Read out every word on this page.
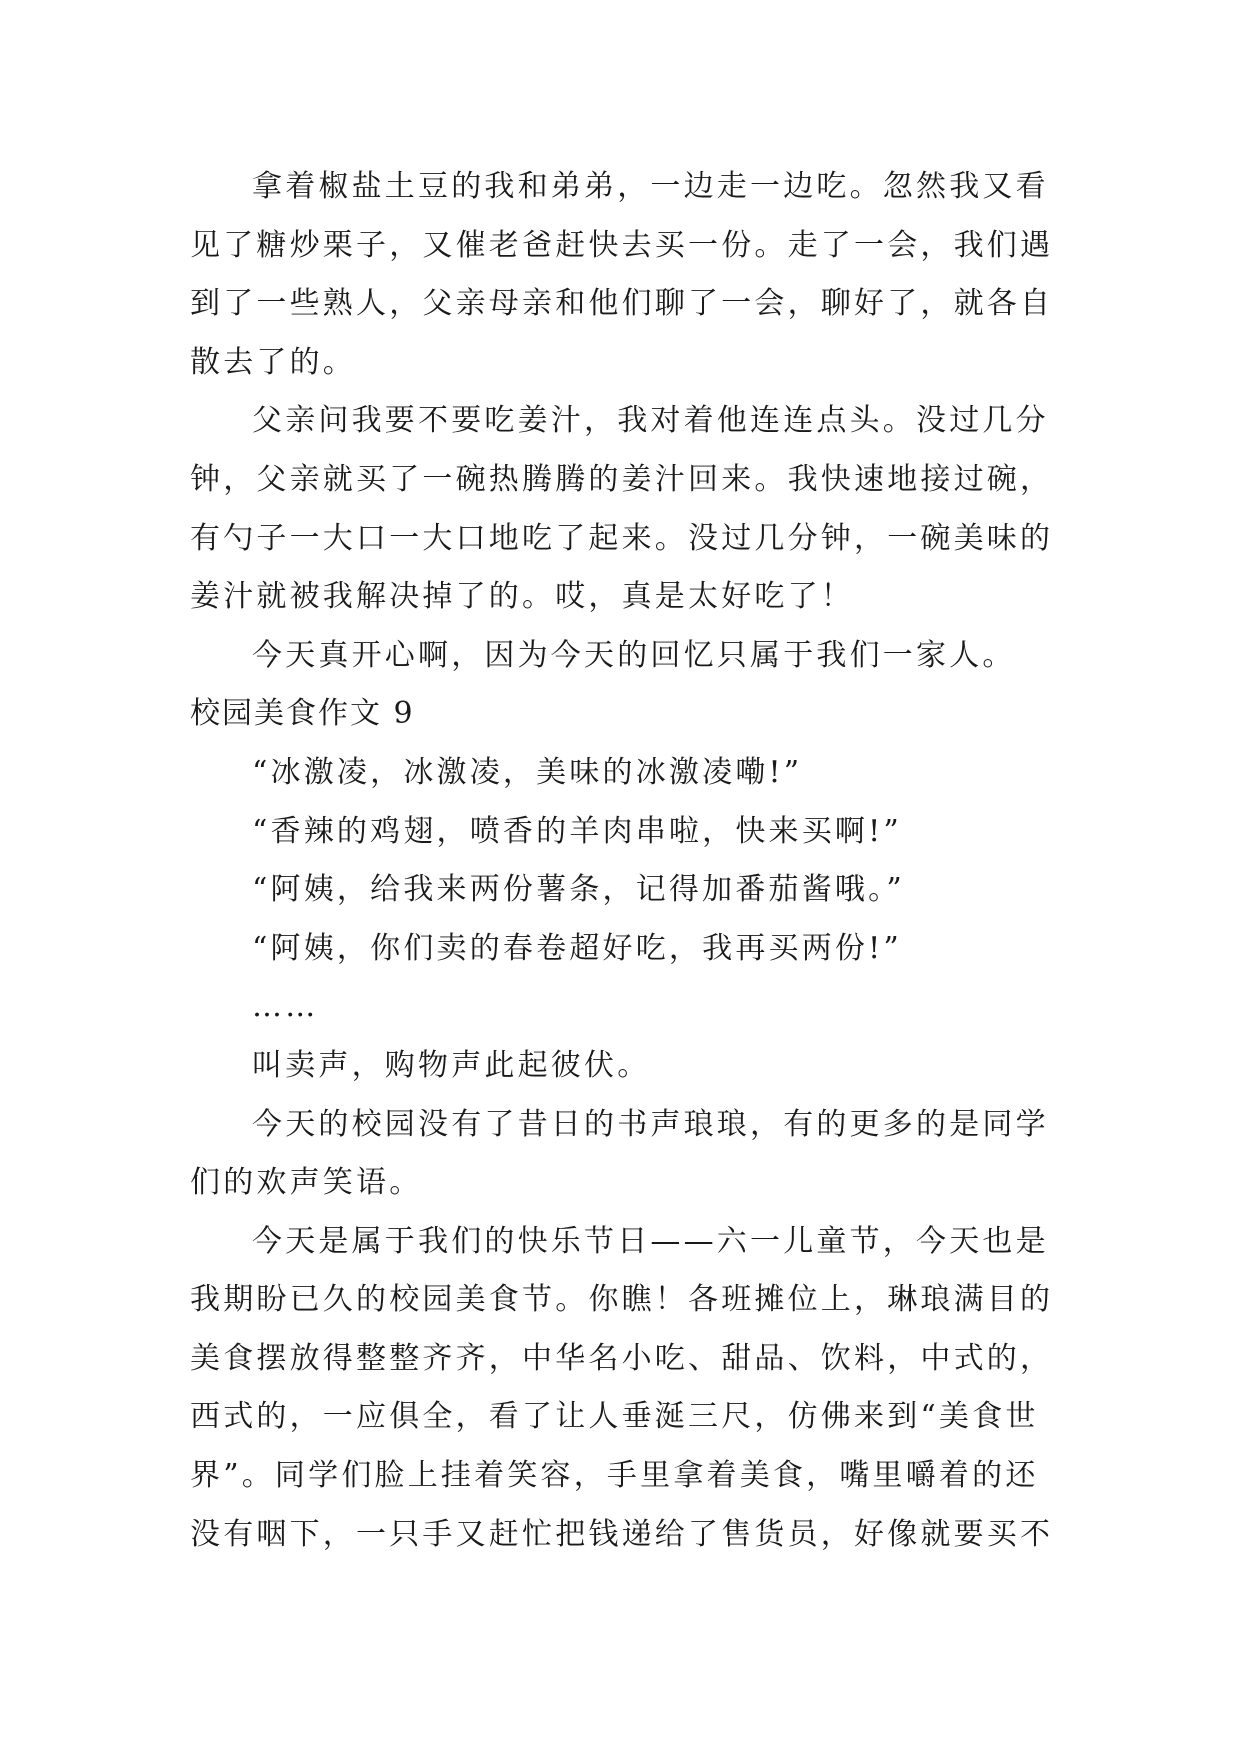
拿着椒盐土豆的我和弟弟，一边走一边吃。忽然我又看
见了糖炒栗子，又催老爸赶快去买一份。走了一会，我们遇
到了一些熟人，父亲母亲和他们聊了一会，聊好了，就各自
散去了的。
父亲问我要不要吃姜汁，我对着他连连点头。没过几分
钟，父亲就买了一碗热腾腾的姜汁回来。我快速地接过碗，
有勺子一大口一大口地吃了起来。没过几分钟，一碗美味的
姜汁就被我解决掉了的。哎，真是太好吃了！
今天真开心啊，因为今天的回忆只属于我们一家人。
校园美食作文 9
“冰激凌，冰激凌，美味的冰激凌嘞!”
“香辣的鸡翅，喷香的羊肉串啦，快来买啊!”
“阿姨，给我来两份薯条，记得加番茄酱哦。”
“阿姨，你们卖的春卷超好吃，我再买两份!”
……
叫卖声，购物声此起彼伏。
今天的校园没有了昔日的书声琅琅，有的更多的是同学
们的欢声笑语。
今天是属于我们的快乐节日——六一儿童节，今天也是
我期盼已久的校园美食节。你瞧！各班摊位上，琳琅满目的
美食摆放得整整齐齐，中华名小吃、甜品、饮料，中式的，
西式的，一应俱全，看了让人垂涎三尺，仿佛来到“美食世
界”。同学们脸上挂着笑容，手里拿着美食，嘴里嚼着的还
没有咽下，一只手又赶忙把钱递给了售货员，好像就要买不
